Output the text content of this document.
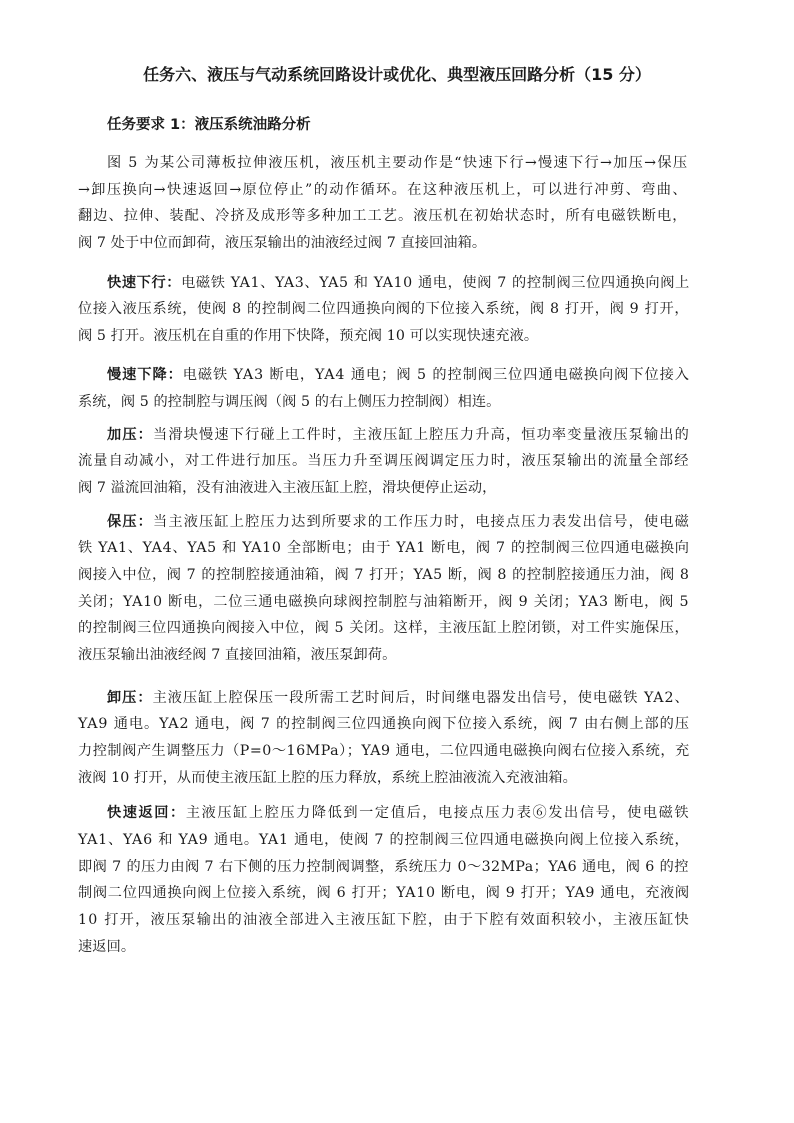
任务六、液压与气动系统回路设计或优化、典型液压回路分析（15 分）
任务要求 1：液压系统油路分析
图 5 为某公司薄板拉伸液压机，液压机主要动作是“快速下行→慢速下行→加压→保压
→卸压换向→快速返回→原位停止”的动作循环。在这种液压机上，可以进行冲剪、弯曲、
翻边、拉伸、装配、冷挤及成形等多种加工工艺。液压机在初始状态时，所有电磁铁断电，
阀 7 处于中位而卸荷，液压泵输出的油液经过阀 7 直接回油箱。
快速下行：电磁铁 YA1、YA3、YA5 和 YA10 通电，使阀 7 的控制阀三位四通换向阀上
位接入液压系统，使阀 8 的控制阀二位四通换向阀的下位接入系统，阀 8 打开，阀 9 打开，
阀 5 打开。液压机在自重的作用下快降，预充阀 10 可以实现快速充液。
慢速下降：电磁铁 YA3 断电，YA4 通电；阀 5 的控制阀三位四通电磁换向阀下位接入
系统，阀 5 的控制腔与调压阀（阀 5 的右上侧压力控制阀）相连。
加压：当滑块慢速下行碰上工件时，主液压缸上腔压力升高，恒功率变量液压泵输出的
流量自动减小，对工件进行加压。当压力升至调压阀调定压力时，液压泵输出的流量全部经
阀 7 溢流回油箱，没有油液进入主液压缸上腔，滑块便停止运动，
保压：当主液压缸上腔压力达到所要求的工作压力时，电接点压力表发出信号，使电磁
铁 YA1、YA4、YA5 和 YA10 全部断电；由于 YA1 断电，阀 7 的控制阀三位四通电磁换向
阀接入中位，阀 7 的控制腔接通油箱，阀 7 打开；YA5 断，阀 8 的控制腔接通压力油，阀 8
关闭；YA10 断电，二位三通电磁换向球阀控制腔与油箱断开，阀 9 关闭；YA3 断电，阀 5
的控制阀三位四通换向阀接入中位，阀 5 关闭。这样，主液压缸上腔闭锁，对工件实施保压，
液压泵输出油液经阀 7 直接回油箱，液压泵卸荷。
卸压：主液压缸上腔保压一段所需工艺时间后，时间继电器发出信号，使电磁铁 YA2、
YA9 通电。YA2 通电，阀 7 的控制阀三位四通换向阀下位接入系统，阀 7 由右侧上部的压
力控制阀产生调整压力（P=0～16MPa）；YA9 通电，二位四通电磁换向阀右位接入系统，充
液阀 10 打开，从而使主液压缸上腔的压力释放，系统上腔油液流入充液油箱。
快速返回：主液压缸上腔压力降低到一定值后，电接点压力表⑥发出信号，使电磁铁
YA1、YA6 和 YA9 通电。YA1 通电，使阀 7 的控制阀三位四通电磁换向阀上位接入系统，
即阀 7 的压力由阀 7 右下侧的压力控制阀调整，系统压力 0～32MPa；YA6 通电，阀 6 的控
制阀二位四通换向阀上位接入系统，阀 6 打开；YA10 断电，阀 9 打开；YA9 通电，充液阀
10 打开，液压泵输出的油液全部进入主液压缸下腔，由于下腔有效面积较小，主液压缸快
速返回。
